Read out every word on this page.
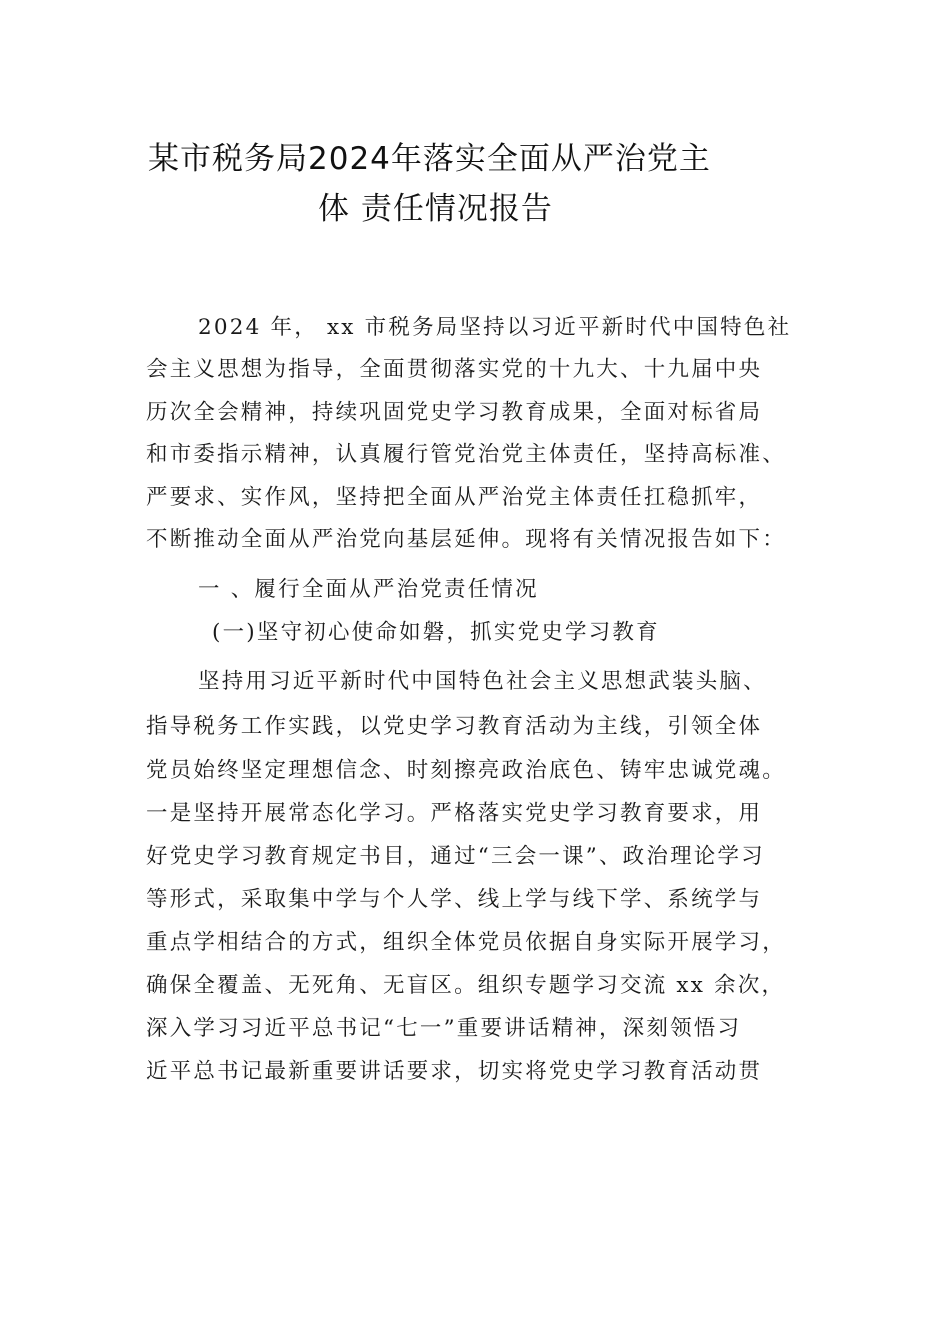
某市税务局2024年落实全面从严治党主
体 责任情况报告
2024 年， xx 市税务局坚持以习近平新时代中国特色社
会主义思想为指导，全面贯彻落实党的十九大、十九届中央
历次全会精神，持续巩固党史学习教育成果，全面对标省局
和市委指示精神，认真履行管党治党主体责任，坚持高标准、
严要求、实作风，坚持把全面从严治党主体责任扛稳抓牢，
不断推动全面从严治党向基层延伸。现将有关情况报告如下：
一 、履行全面从严治党责任情况
(一)坚守初心使命如磐，抓实党史学习教育
坚持用习近平新时代中国特色社会主义思想武装头脑、
指导税务工作实践，以党史学习教育活动为主线，引领全体
党员始终坚定理想信念、时刻擦亮政治底色、铸牢忠诚党魂。
一是坚持开展常态化学习。严格落实党史学习教育要求，用
好党史学习教育规定书目，通过“三会一课”、政治理论学习
等形式，采取集中学与个人学、线上学与线下学、系统学与
重点学相结合的方式，组织全体党员依据自身实际开展学习，
确保全覆盖、无死角、无盲区。组织专题学习交流 xx 余次，
深入学习习近平总书记“七一”重要讲话精神，深刻领悟习
近平总书记最新重要讲话要求，切实将党史学习教育活动贯
